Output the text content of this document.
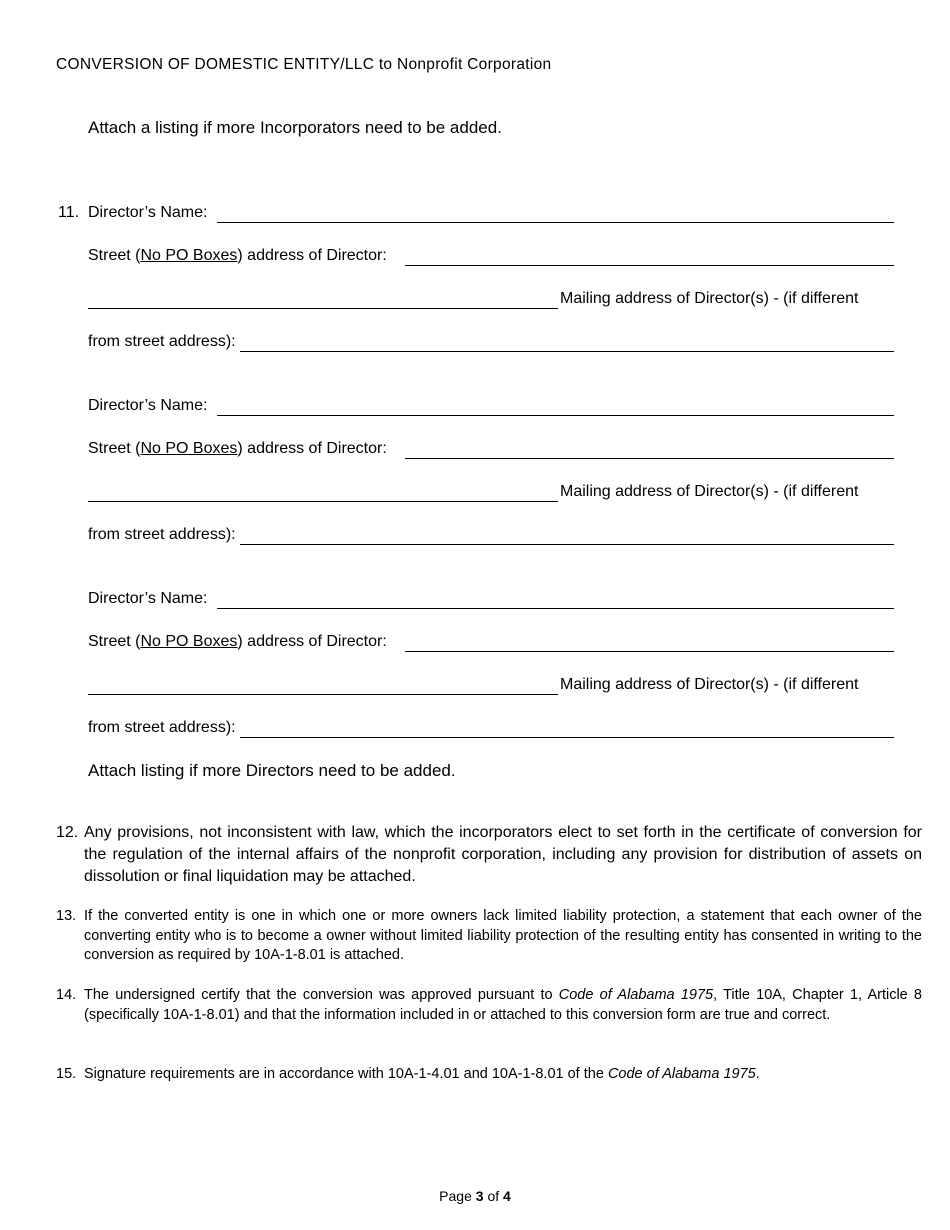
CONVERSION OF DOMESTIC ENTITY/LLC to Nonprofit Corporation
Attach a listing if more Incorporators need to be added.
11. Director’s Name:
Street (No PO Boxes) address of Director:
Mailing address of Director(s) - (if different
from street address):
Director’s Name:
Street (No PO Boxes) address of Director:
Mailing address of Director(s) - (if different
from street address):
Director’s Name:
Street (No PO Boxes) address of Director:
Mailing address of Director(s) - (if different
from street address):
Attach listing if more Directors need to be added.
12. Any provisions, not inconsistent with law, which the incorporators elect to set forth in the certificate of conversion for the regulation of the internal affairs of the nonprofit corporation, including any provision for distribution of assets on dissolution or final liquidation may be attached.
13. If the converted entity is one in which one or more owners lack limited liability protection, a statement that each owner of the converting entity who is to become a owner without limited liability protection of the resulting entity has consented in writing to the conversion as required by 10A-1-8.01 is attached.
14. The undersigned certify that the conversion was approved pursuant to Code of Alabama 1975, Title 10A, Chapter 1, Article 8 (specifically 10A-1-8.01) and that the information included in or attached to this conversion form are true and correct.
15. Signature requirements are in accordance with 10A-1-4.01 and 10A-1-8.01 of the Code of Alabama 1975.
Page 3 of 4
